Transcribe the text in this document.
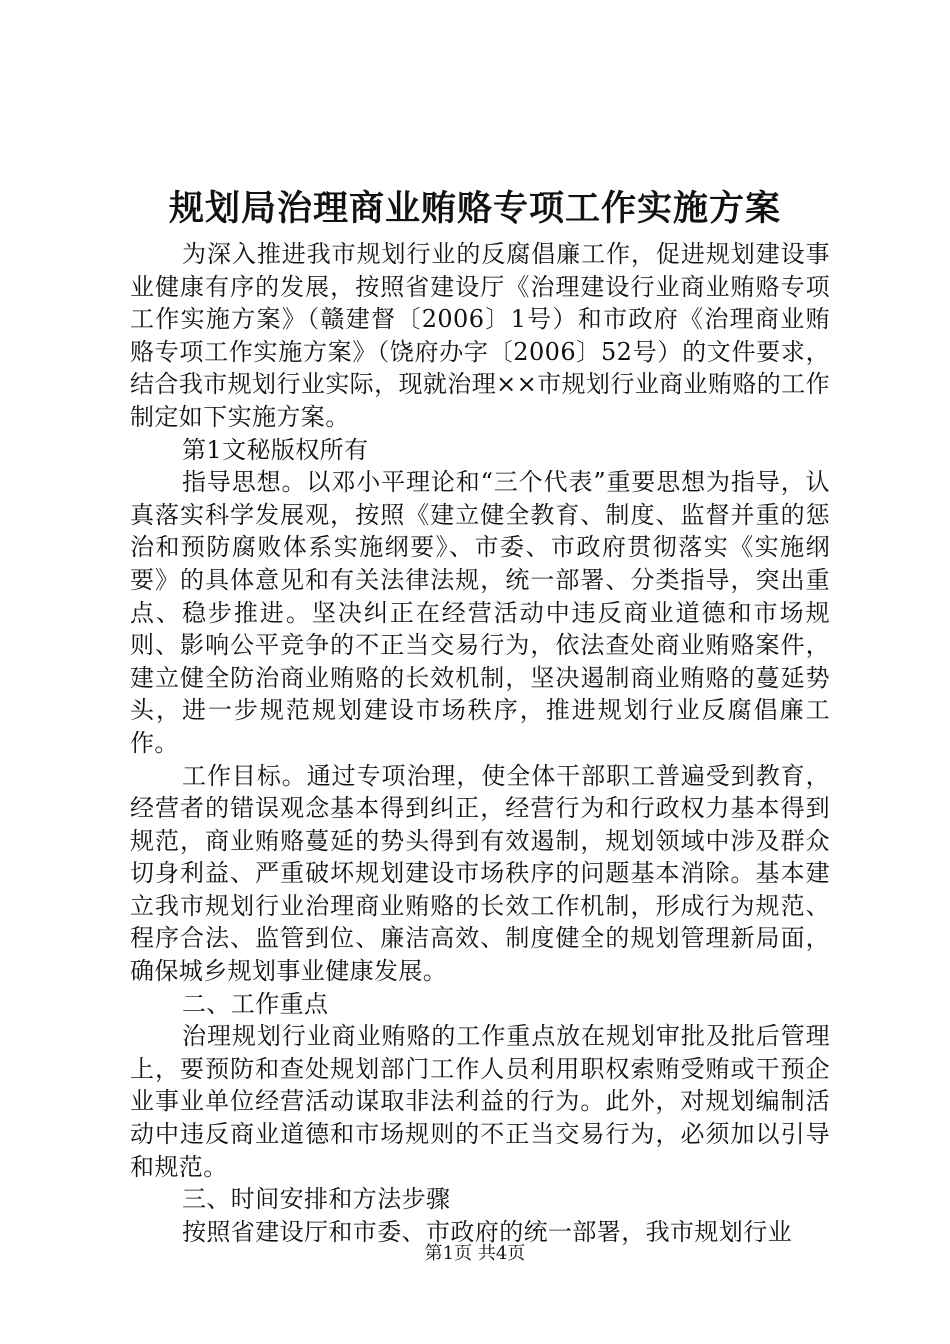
规划局治理商业贿赂专项工作实施方案

为深入推进我市规划行业的反腐倡廉工作，促进规划建设事业健康有序的发展，按照省建设厅《治理建设行业商业贿赂专项工作实施方案》（赣建督〔2006〕1号）和市政府《治理商业贿赂专项工作实施方案》（饶府办字〔2006〕52号）的文件要求，结合我市规划行业实际，现就治理××市规划行业商业贿赂的工作制定如下实施方案。

第1文秘版权所有

指导思想。以邓小平理论和“三个代表”重要思想为指导，认真落实科学发展观，按照《建立健全教育、制度、监督并重的惩治和预防腐败体系实施纲要》、市委、市政府贯彻落实《实施纲要》的具体意见和有关法律法规，统一部署、分类指导，突出重点、稳步推进。坚决纠正在经营活动中违反商业道德和市场规则、影响公平竞争的不正当交易行为，依法查处商业贿赂案件，建立健全防治商业贿赂的长效机制，坚决遏制商业贿赂的蔓延势头，进一步规范规划建设市场秩序，推进规划行业反腐倡廉工作。

工作目标。通过专项治理，使全体干部职工普遍受到教育，经营者的错误观念基本得到纠正，经营行为和行政权力基本得到规范，商业贿赂蔓延的势头得到有效遏制，规划领域中涉及群众切身利益、严重破坏规划建设市场秩序的问题基本消除。基本建立我市规划行业治理商业贿赂的长效工作机制，形成行为规范、程序合法、监管到位、廉洁高效、制度健全的规划管理新局面，确保城乡规划事业健康发展。

二、工作重点

治理规划行业商业贿赂的工作重点放在规划审批及批后管理上，要预防和查处规划部门工作人员利用职权索贿受贿或干预企业事业单位经营活动谋取非法利益的行为。此外，对规划编制活动中违反商业道德和市场规则的不正当交易行为，必须加以引导和规范。

三、时间安排和方法步骤

按照省建设厅和市委、市政府的统一部署，我市规划行业

第1页 共4页
